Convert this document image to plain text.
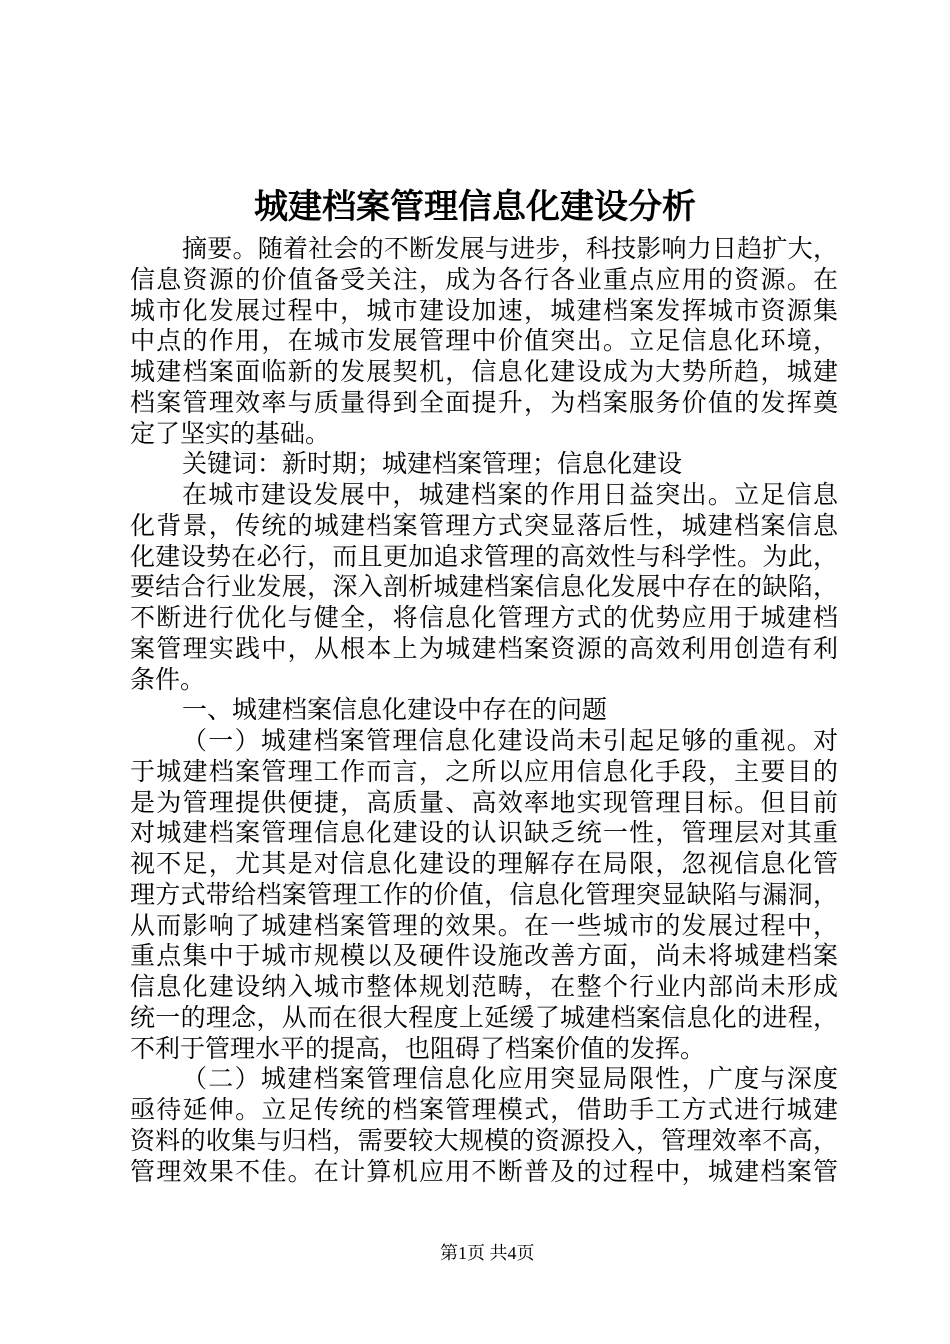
城建档案管理信息化建设分析
摘要。随着社会的不断发展与进步，科技影响力日趋扩大，
信息资源的价值备受关注，成为各行各业重点应用的资源。在
城市化发展过程中，城市建设加速，城建档案发挥城市资源集
中点的作用，在城市发展管理中价值突出。立足信息化环境，
城建档案面临新的发展契机，信息化建设成为大势所趋，城建
档案管理效率与质量得到全面提升，为档案服务价值的发挥奠
定了坚实的基础。
关键词：新时期；城建档案管理；信息化建设
在城市建设发展中，城建档案的作用日益突出。立足信息
化背景，传统的城建档案管理方式突显落后性，城建档案信息
化建设势在必行，而且更加追求管理的高效性与科学性。为此，
要结合行业发展，深入剖析城建档案信息化发展中存在的缺陷，
不断进行优化与健全，将信息化管理方式的优势应用于城建档
案管理实践中，从根本上为城建档案资源的高效利用创造有利
条件。
一、城建档案信息化建设中存在的问题
（一）城建档案管理信息化建设尚未引起足够的重视。对
于城建档案管理工作而言，之所以应用信息化手段，主要目的
是为管理提供便捷，高质量、高效率地实现管理目标。但目前
对城建档案管理信息化建设的认识缺乏统一性，管理层对其重
视不足，尤其是对信息化建设的理解存在局限，忽视信息化管
理方式带给档案管理工作的价值，信息化管理突显缺陷与漏洞，
从而影响了城建档案管理的效果。在一些城市的发展过程中，
重点集中于城市规模以及硬件设施改善方面，尚未将城建档案
信息化建设纳入城市整体规划范畴，在整个行业内部尚未形成
统一的理念，从而在很大程度上延缓了城建档案信息化的进程，
不利于管理水平的提高，也阻碍了档案价值的发挥。
（二）城建档案管理信息化应用突显局限性，广度与深度
亟待延伸。立足传统的档案管理模式，借助手工方式进行城建
资料的收集与归档，需要较大规模的资源投入，管理效率不高，
管理效果不佳。在计算机应用不断普及的过程中，城建档案管
第1页 共4页
